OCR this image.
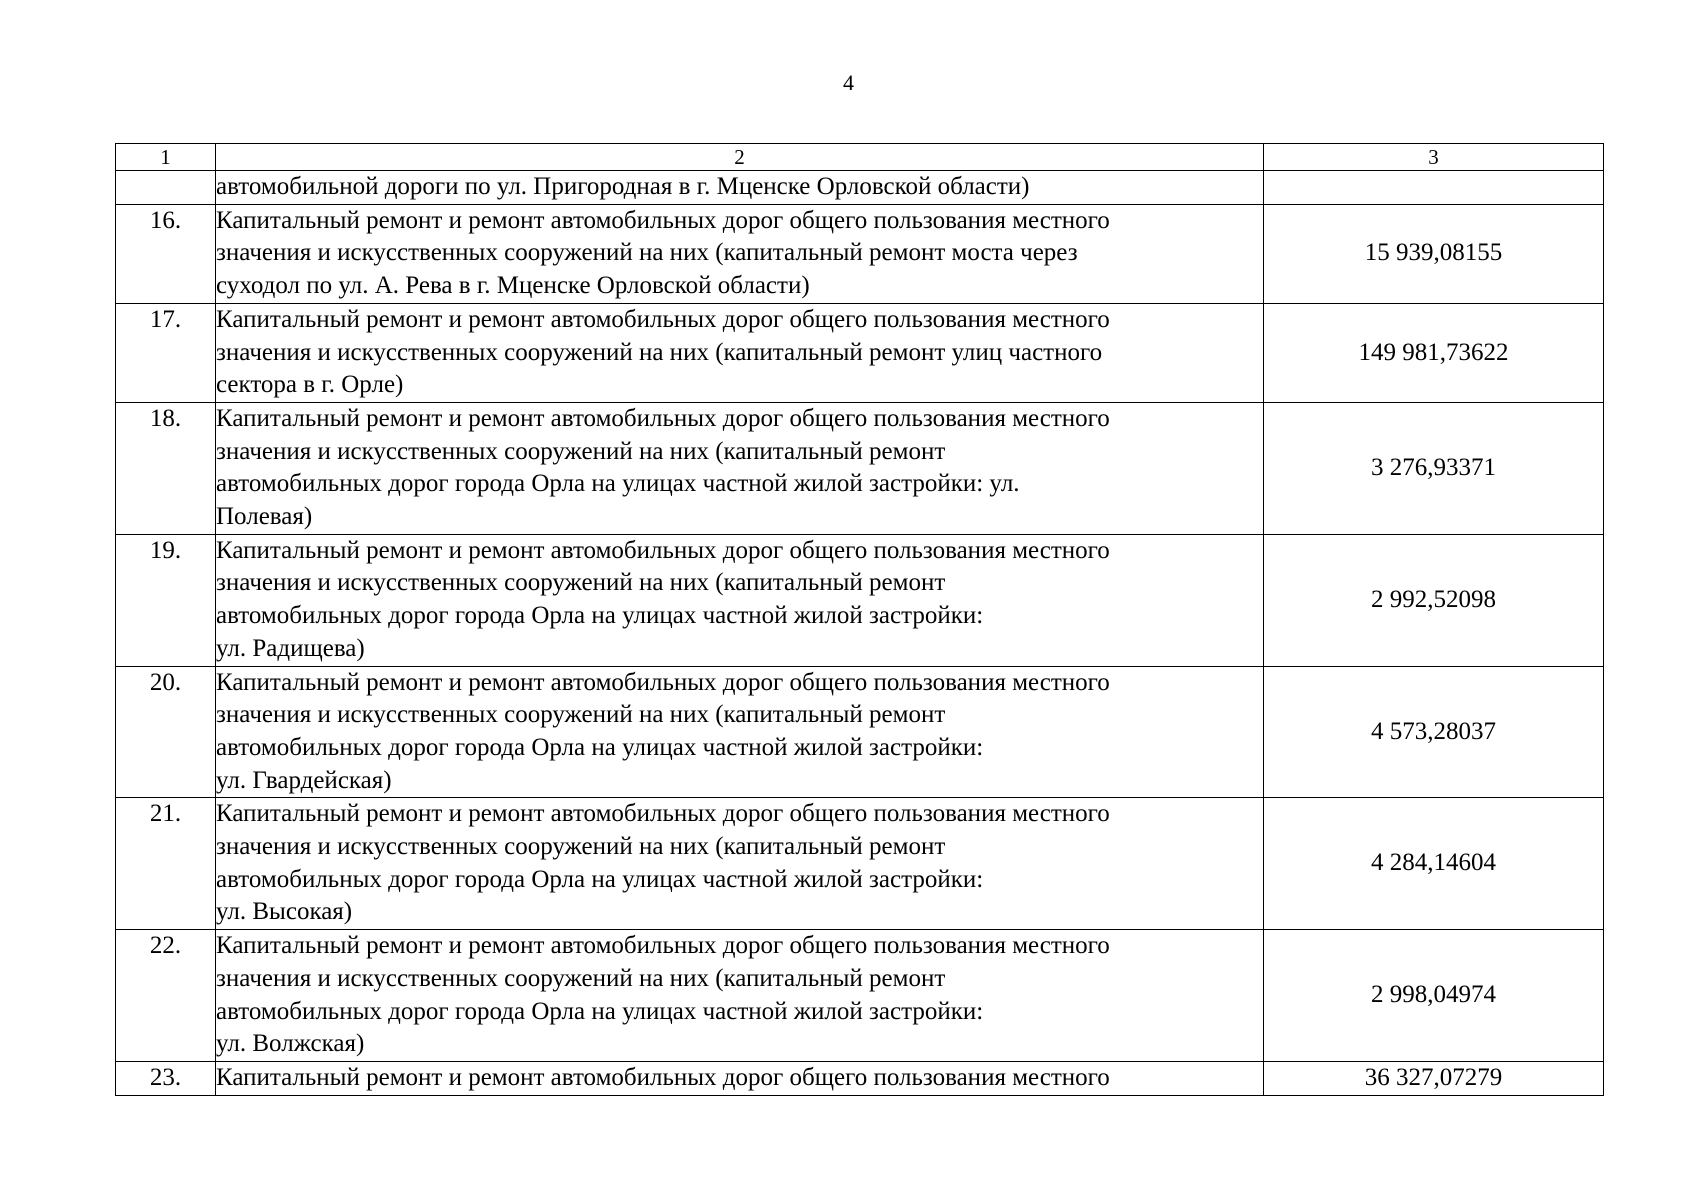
4
1	2	3
	автомобильной дороги по ул. Пригородная в г. Мценске Орловской области)	
16.	Капитальный ремонт и ремонт автомобильных дорог общего пользования местного
значения и искусственных сооружений на них (капитальный ремонт моста через
суходол по ул. А. Рева в г. Мценске Орловской области)	15 939,08155
17.	Капитальный ремонт и ремонт автомобильных дорог общего пользования местного
значения и искусственных сооружений на них (капитальный ремонт улиц частного
сектора в г. Орле)	149 981,73622
18.	Капитальный ремонт и ремонт автомобильных дорог общего пользования местного
значения и искусственных сооружений на них (капитальный ремонт
автомобильных дорог города Орла на улицах частной жилой застройки: ул.
Полевая)	3 276,93371
19.	Капитальный ремонт и ремонт автомобильных дорог общего пользования местного
значения и искусственных сооружений на них (капитальный ремонт
автомобильных дорог города Орла на улицах частной жилой застройки:
ул. Радищева)	2 992,52098
20.	Капитальный ремонт и ремонт автомобильных дорог общего пользования местного
значения и искусственных сооружений на них (капитальный ремонт
автомобильных дорог города Орла на улицах частной жилой застройки:
ул. Гвардейская)	4 573,28037
21.	Капитальный ремонт и ремонт автомобильных дорог общего пользования местного
значения и искусственных сооружений на них (капитальный ремонт
автомобильных дорог города Орла на улицах частной жилой застройки:
ул. Высокая)	4 284,14604
22.	Капитальный ремонт и ремонт автомобильных дорог общего пользования местного
значения и искусственных сооружений на них (капитальный ремонт
автомобильных дорог города Орла на улицах частной жилой застройки:
ул. Волжская)	2 998,04974
23.	Капитальный ремонт и ремонт автомобильных дорог общего пользования местного	36 327,07279
